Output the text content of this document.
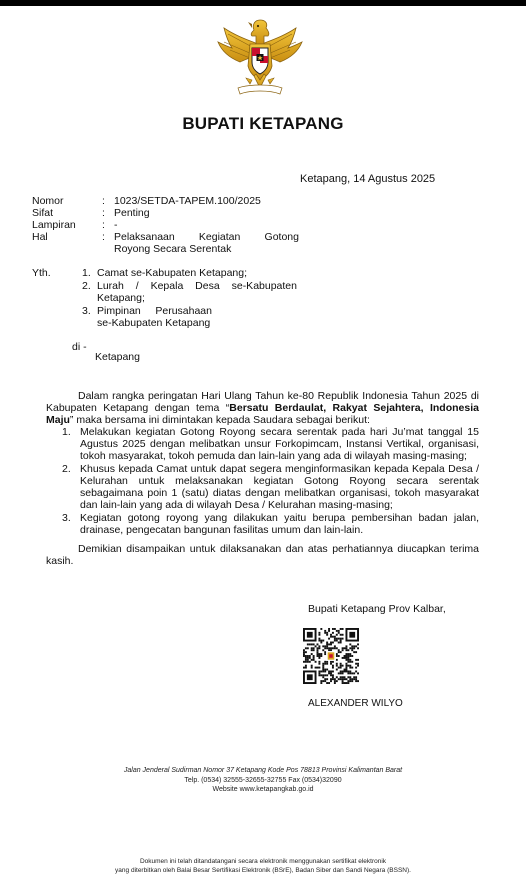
BUPATI KETAPANG
Ketapang, 14 Agustus 2025
Nomor	: 1023/SETDA-TAPEM.100/2025
Sifat	: Penting
Lampiran	: -
Hal	: Pelaksanaan Kegiatan Gotong
Royong Secara Serentak
Yth.	1. Camat se-Kabupaten Ketapang;
2. Lurah / Kepala Desa se-Kabupaten Ketapang;
3. Pimpinan     Perusahaan
se-Kabupaten Ketapang
di -
Ketapang

Dalam rangka peringatan Hari Ulang Tahun ke-80 Republik Indonesia Tahun 2025 di Kabupaten Ketapang dengan tema “Bersatu Berdaulat, Rakyat Sejahtera, Indonesia Maju” maka bersama ini dimintakan kepada Saudara sebagai berikut:

1. Melakukan kegiatan Gotong Royong secara serentak pada hari Ju’mat tanggal 15 Agustus 2025 dengan melibatkan unsur Forkopimcam, Instansi Vertikal, organisasi, tokoh masyarakat, tokoh pemuda dan lain-lain yang ada di wilayah masing-masing;
2. Khusus kepada Camat untuk dapat segera menginformasikan kepada Kepala Desa / Kelurahan untuk melaksanakan kegiatan Gotong Royong secara serentak sebagaimana poin 1 (satu) diatas dengan melibatkan organisasi, tokoh masyarakat dan lain-lain yang ada di wilayah Desa / Kelurahan masing-masing;
3. Kegiatan gotong royong yang dilakukan yaitu berupa pembersihan badan jalan, drainase, pengecatan bangunan fasilitas umum dan lain-lain.

Demikian disampaikan untuk dilaksanakan dan atas perhatiannya diucapkan terima kasih.

Bupati Ketapang Prov Kalbar,
ALEXANDER WILYO
Jalan Jenderal Sudirman Nomor 37 Ketapang Kode Pos 78813 Provinsi Kalimantan Barat
Telp. (0534) 32555-32655-32755 Fax (0534)32090
Website www.ketapangkab.go.id
Dokumen ini telah ditandatangani secara elektronik menggunakan sertifikat elektronik
yang diterbitkan oleh Balai Besar Sertifikasi Elektronik (BSrE), Badan Siber dan Sandi Negara (BSSN).
